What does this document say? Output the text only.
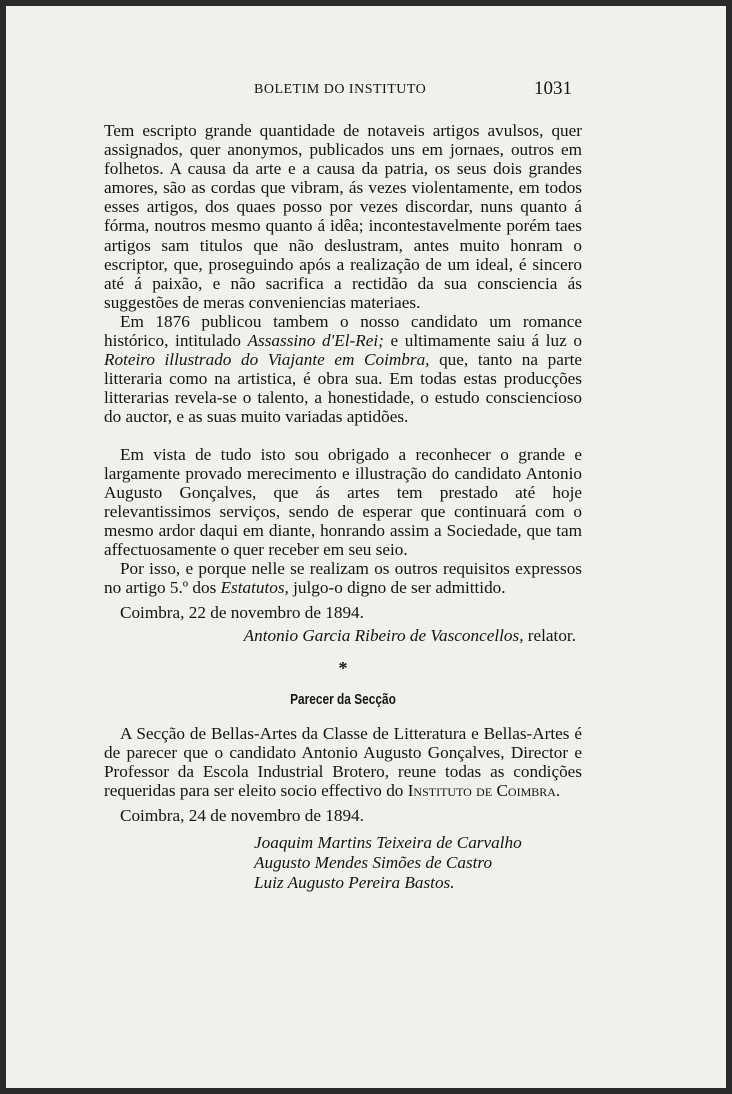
BOLETIM DO INSTITUTO	1031

Tem escripto grande quantidade de notaveis artigos avulsos, quer assignados, quer anonymos, publicados uns em jornaes, outros em folhetos. A causa da arte e a causa da patria, os seus dois grandes amores, são as cordas que vibram, ás vezes violentamente, em todos esses artigos, dos quaes posso por vezes discordar, nuns quanto á fórma, noutros mesmo quanto á idêa; incontestavelmente porém taes artigos sam titulos que não deslustram, antes muito honram o escriptor, que, proseguindo após a realização de um ideal, é sincero até á paixão, e não sacrifica a rectidão da sua consciencia ás suggestões de meras conveniencias materiaes.

Em 1876 publicou tambem o nosso candidato um romance histórico, intitulado Assassino d'El-Rei; e ultimamente saiu á luz o Roteiro illustrado do Viajante em Coimbra, que, tanto na parte litteraria como na artistica, é obra sua. Em todas estas producções litterarias revela-se o talento, a honestidade, o estudo consciencioso do auctor, e as suas muito variadas aptidões.

Em vista de tudo isto sou obrigado a reconhecer o grande e largamente provado merecimento e illustração do candidato Antonio Augusto Gonçalves, que ás artes tem prestado até hoje relevantissimos serviços, sendo de esperar que continuará com o mesmo ardor daqui em diante, honrando assim a Sociedade, que tam affectuosamente o quer receber em seu seio.

Por isso, e porque nelle se realizam os outros requisitos expressos no artigo 5.º dos Estatutos, julgo-o digno de ser admittido.

Coimbra, 22 de novembro de 1894.

Antonio Garcia Ribeiro de Vasconcellos, relator.

*

Parecer da Secção

A Secção de Bellas-Artes da Classe de Litteratura e Bellas-Artes é de parecer que o candidato Antonio Augusto Gonçalves, Director e Professor da Escola Industrial Brotero, reune todas as condições requeridas para ser eleito socio effectivo do Instituto de Coimbra.

Coimbra, 24 de novembro de 1894.

Joaquim Martins Teixeira de Carvalho
Augusto Mendes Simões de Castro
Luiz Augusto Pereira Bastos.
